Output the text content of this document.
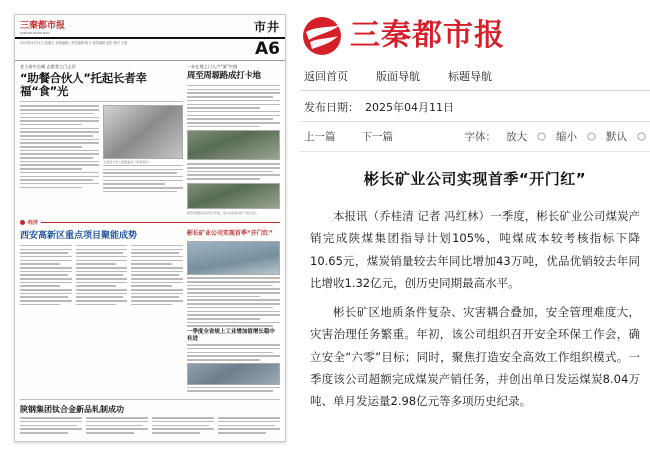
三秦都市报
SANQIN DUSHI BAO	市井
2025年4月11日 星期五 本版编辑 / 责任编辑 陈飞 视觉编辑 赵阳 校对 王敏	A6
老人家中点蜡 志愿者上门义诊
“助餐合伙人”托起长者幸福“食”光
志愿者为老人测量血压（资料图片）
一年在建上门入户“第”中游
周至周塬路成打卡地
周至周塬路沿线风光秀美，成为市民休闲打卡新去处。
经济
西安高新区重点项目聚能成势	彬长矿业公司实现首季“开门红”
一季度全省规上工业增加值增长稳中有进
陕钢集团钛合金新品轧制成功
三秦都市报
返回首页	版面导航	标题导航
发布日期： 2025年04月11日
上一篇 下一篇	字体： 放大	缩小	默认
彬长矿业公司实现首季“开门红”

本报讯（乔桂清 记者 冯红林）一季度，彬长矿业公司煤炭产销完成陕煤集团指导计划105%，吨煤成本较考核指标下降10.65元，煤炭销量较去年同比增加43万吨，优品优销较去年同比增收1.32亿元，创历史同期最高水平。

彬长矿区地质条件复杂、灾害耦合叠加，安全管理难度大，灾害治理任务繁重。年初，该公司组织召开安全环保工作会，确立安全“六零”目标；同时，聚焦打造安全高效工作组织模式。一季度该公司超额完成煤炭产销任务，并创出单日发运煤炭8.04万吨、单月发运量2.98亿元等多项历史纪录。
